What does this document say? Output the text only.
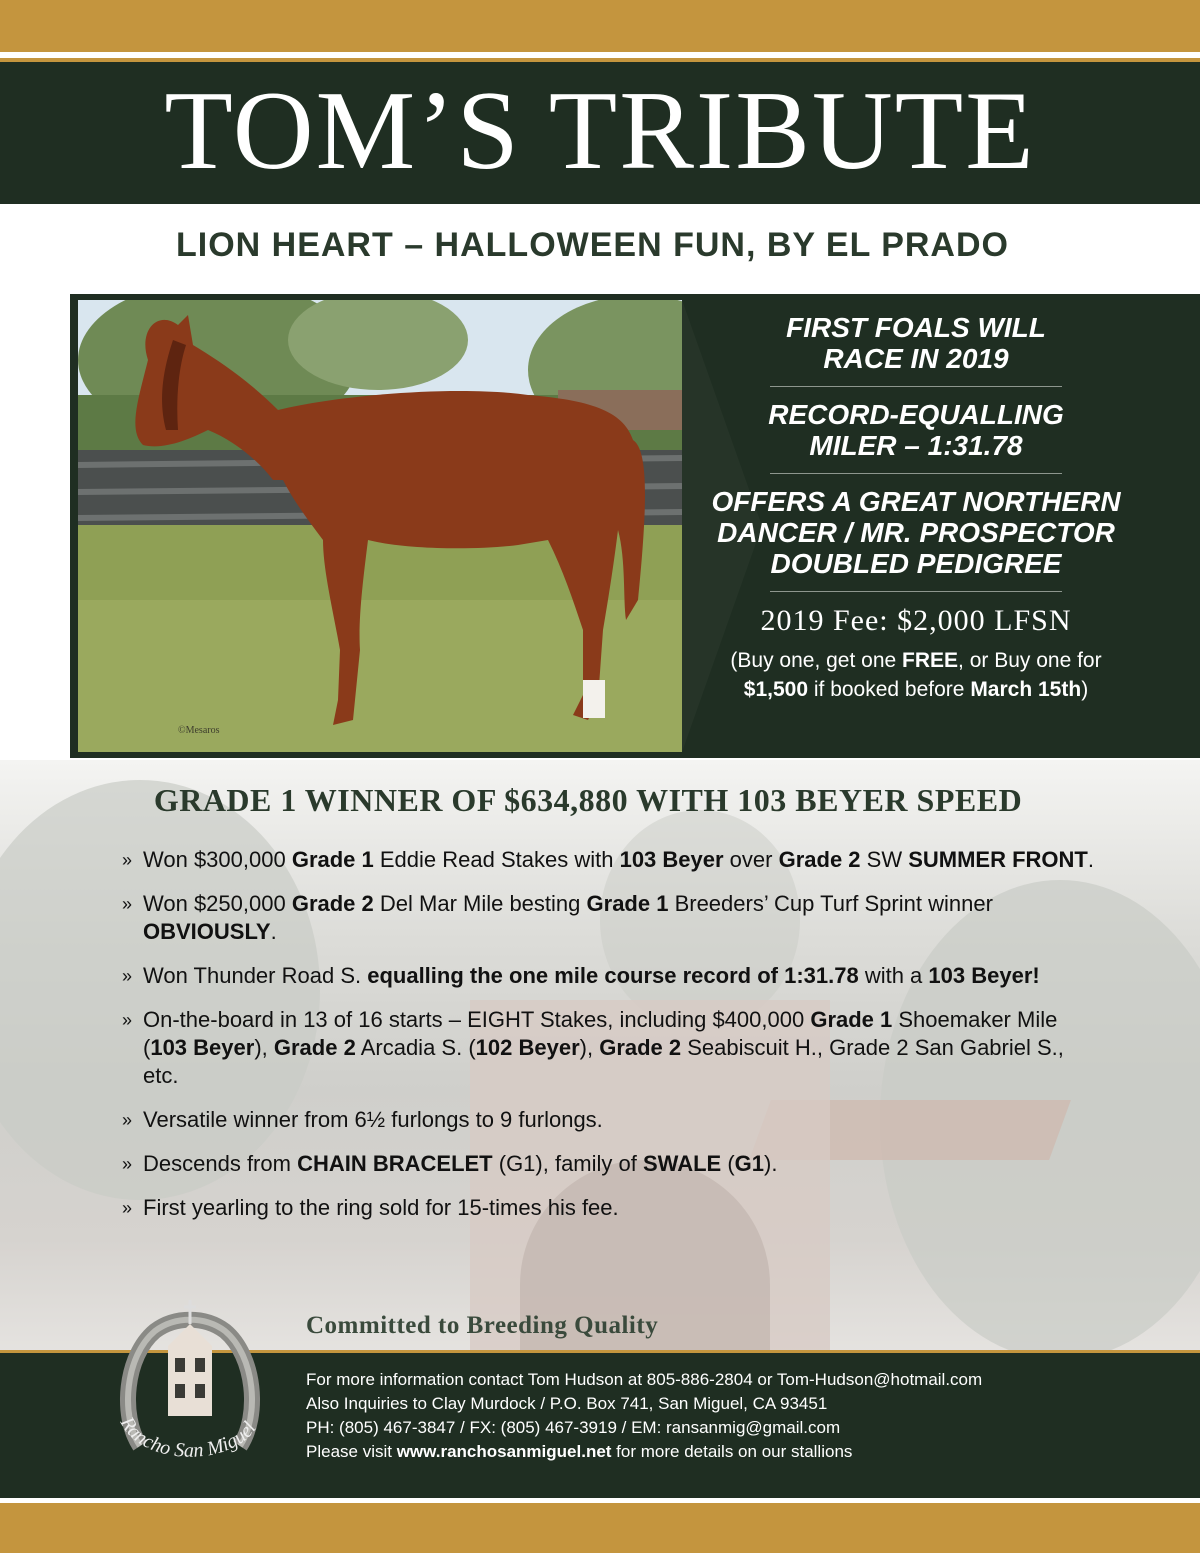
TOM’S TRIBUTE
LION HEART – HALLOWEEN FUN, BY EL PRADO
©Mesaros
FIRST FOALS WILL
RACE IN 2019
RECORD-EQUALLING
MILER – 1:31.78
OFFERS A GREAT NORTHERN
DANCER / MR. PROSPECTOR
DOUBLED PEDIGREE
2019 Fee: $2,000 LFSN
(Buy one, get one FREE, or Buy one for
$1,500 if booked before March 15th)
GRADE 1 WINNER OF $634,880 WITH 103 BEYER SPEED
» Won $300,000 Grade 1 Eddie Read Stakes with 103 Beyer over Grade 2 SW SUMMER FRONT.
» Won $250,000 Grade 2 Del Mar Mile besting Grade 1 Breeders’ Cup Turf Sprint winner OBVIOUSLY.
» Won Thunder Road S. equalling the one mile course record of 1:31.78 with a 103 Beyer!
» On-the-board in 13 of 16 starts – EIGHT Stakes, including $400,000 Grade 1 Shoemaker Mile (103 Beyer), Grade 2 Arcadia S. (102 Beyer), Grade 2 Seabiscuit H., Grade 2 San Gabriel S., etc.
» Versatile winner from 6½ furlongs to 9 furlongs.
» Descends from CHAIN BRACELET (G1), family of SWALE (G1).
» First yearling to the ring sold for 15-times his fee.
Committed to Breeding Quality
Rancho San Miguel
For more information contact Tom Hudson at 805-886-2804 or Tom-Hudson@hotmail.com
Also Inquiries to Clay Murdock / P.O. Box 741, San Miguel, CA 93451
PH: (805) 467-3847 / FX: (805) 467-3919 / EM: ransanmig@gmail.com
Please visit www.ranchosanmiguel.net for more details on our stallions
